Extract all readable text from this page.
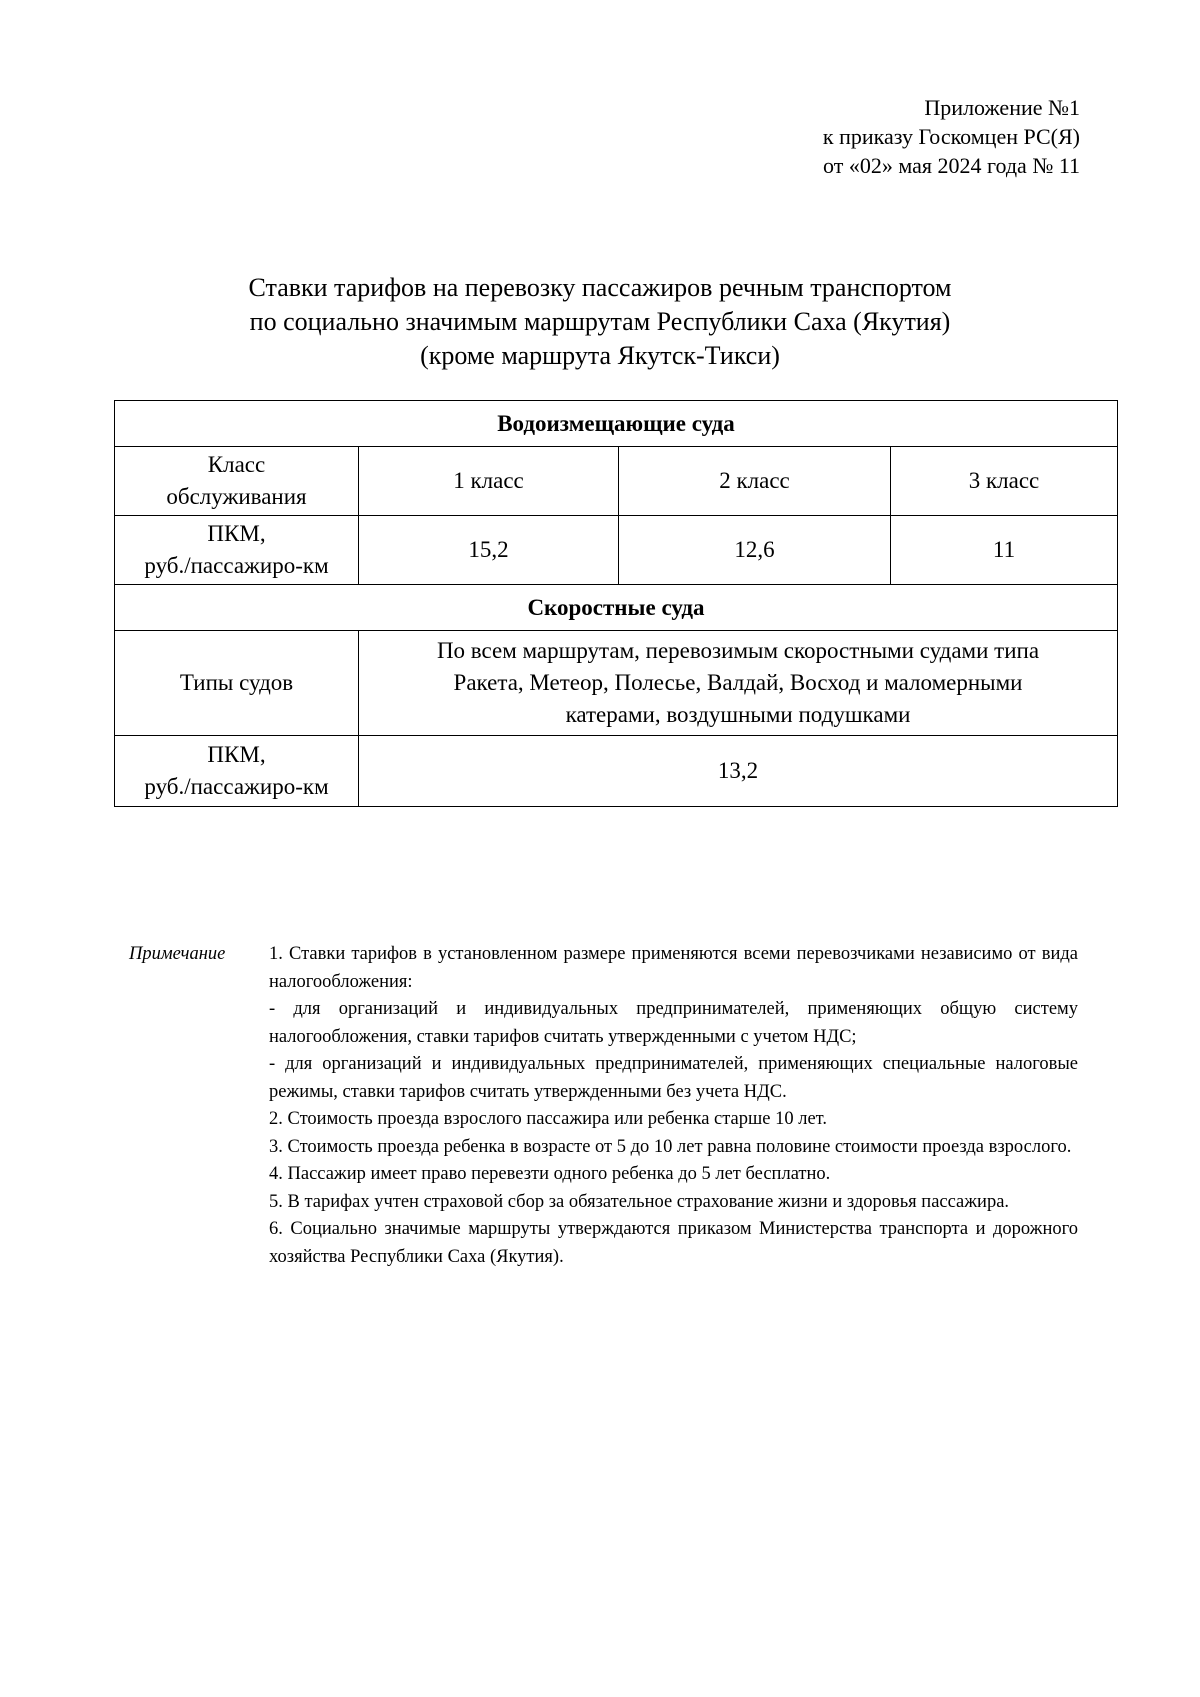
Приложение №1
к приказу Госкомцен РС(Я)
от «02» мая 2024 года № 11
Ставки тарифов на перевозку пассажиров речным транспортом
по социально значимым маршрутам Республики Саха (Якутия)
(кроме маршрута Якутск-Тикси)
Водоизмещающие суда			

Класс
обслуживания	1 класс	2 класс	3 класс

ПКМ,
руб./пассажиро-км	15,2	12,6	11
Скоростные суда			
Типы судов	По всем маршрутам, перевозимым скоростными судами типа
Ракета, Метеор, Полесье, Валдай, Восход и маломерными
катерами, воздушными подушками		

ПКМ,
руб./пассажиро-км	13,2		
Примечание 1. Ставки тарифов в установленном размере применяются всеми перевозчиками независимо от вида налогообложения:

- для организаций и индивидуальных предпринимателей, применяющих общую систему налогообложения, ставки тарифов считать утвержденными с учетом НДС;

- для организаций и индивидуальных предпринимателей, применяющих специальные налоговые режимы, ставки тарифов считать утвержденными без учета НДС.

2. Стоимость проезда взрослого пассажира или ребенка старше 10 лет.

3. Стоимость проезда ребенка в возрасте от 5 до 10 лет равна половине стоимости проезда взрослого.

4. Пассажир имеет право перевезти одного ребенка до 5 лет бесплатно.

5. В тарифах учтен страховой сбор за обязательное страхование жизни и здоровья пассажира.

6. Социально значимые маршруты утверждаются приказом Министерства транспорта и дорожного хозяйства Республики Саха (Якутия).
